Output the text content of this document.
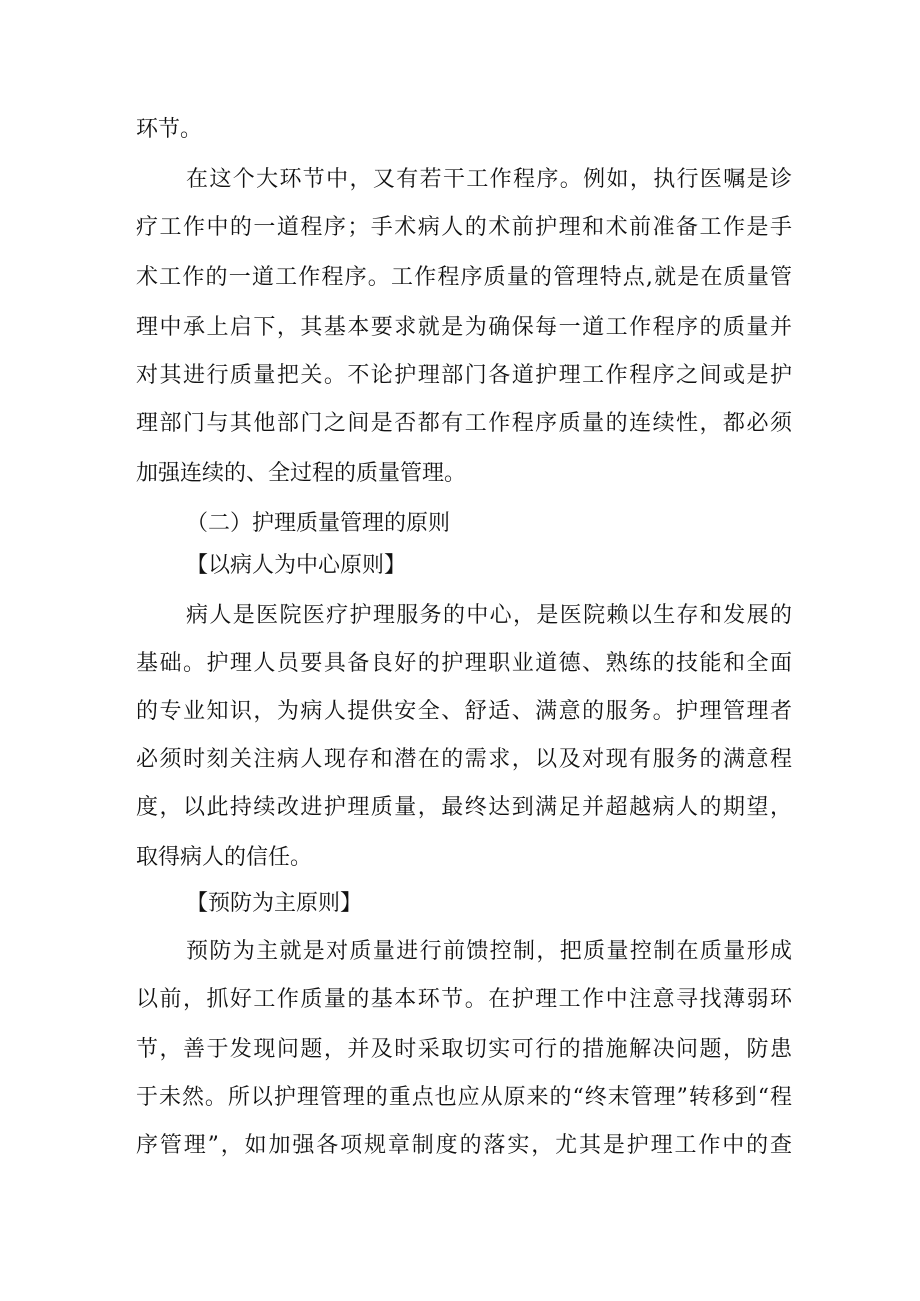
环节。
在这个大环节中，又有若干工作程序。例如，执行医嘱是诊
疗工作中的一道程序；手术病人的术前护理和术前准备工作是手
术工作的一道工作程序。工作程序质量的管理特点,就是在质量管
理中承上启下，其基本要求就是为确保每一道工作程序的质量并
对其进行质量把关。不论护理部门各道护理工作程序之间或是护
理部门与其他部门之间是否都有工作程序质量的连续性，都必须
加强连续的、全过程的质量管理。
（二）护理质量管理的原则
【以病人为中心原则】
病人是医院医疗护理服务的中心，是医院赖以生存和发展的
基础。护理人员要具备良好的护理职业道德、熟练的技能和全面
的专业知识，为病人提供安全、舒适、满意的服务。护理管理者
必须时刻关注病人现存和潜在的需求，以及对现有服务的满意程
度，以此持续改进护理质量，最终达到满足并超越病人的期望，
取得病人的信任。
【预防为主原则】
预防为主就是对质量进行前馈控制，把质量控制在质量形成
以前，抓好工作质量的基本环节。在护理工作中注意寻找薄弱环
节，善于发现问题，并及时采取切实可行的措施解决问题，防患
于未然。所以护理管理的重点也应从原来的“终末管理”转移到“程
序管理”，如加强各项规章制度的落实，尤其是护理工作中的查
